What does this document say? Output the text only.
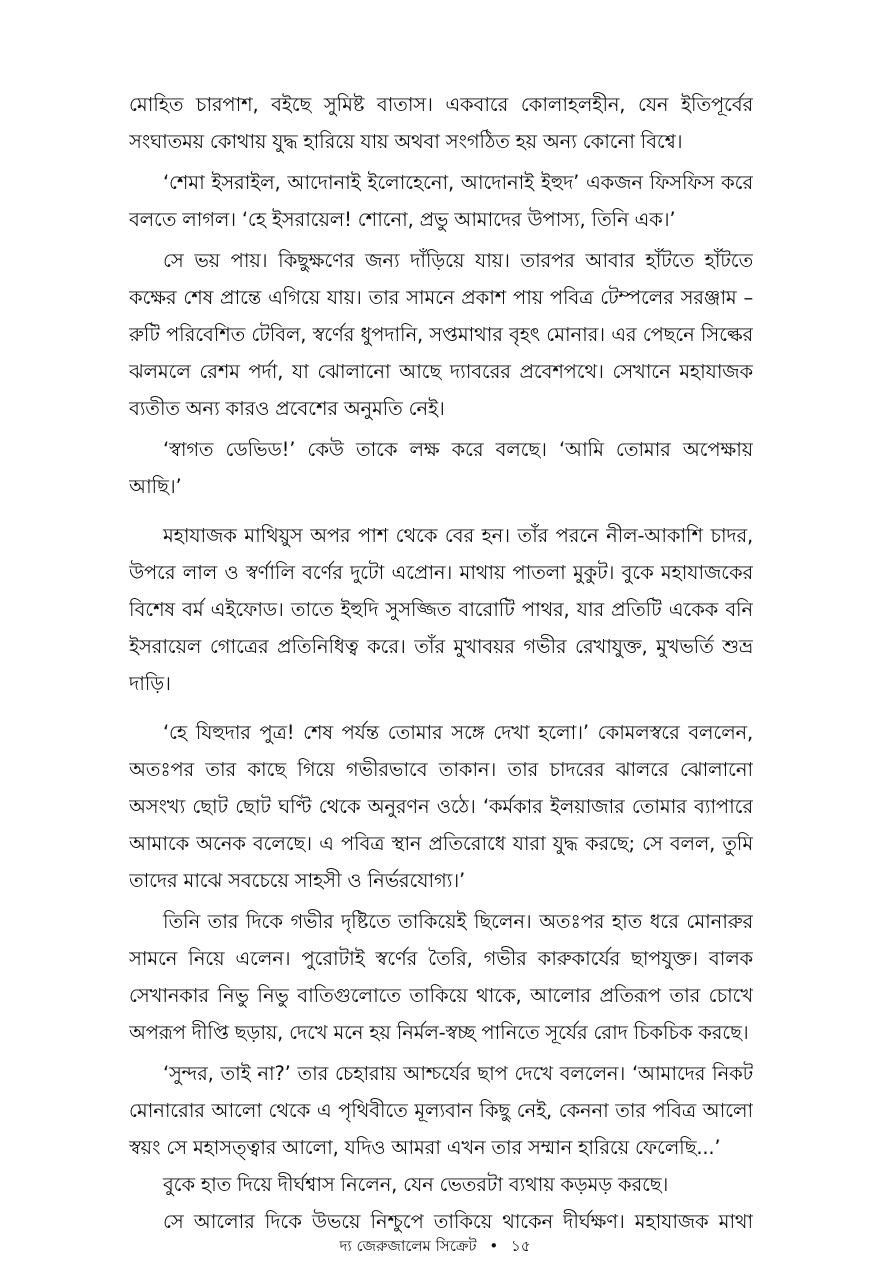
মোহিত চারপাশ, বইছে সুমিষ্ট বাতাস। একবারে কোলাহলহীন, যেন ইতিপূর্বের সংঘাতময় কোথায় যুদ্ধ হারিয়ে যায় অথবা সংগঠিত হয় অন্য কোনো বিশ্বে।

‘শেমা ইসরাইল, আদোনাই ইলোহেনো, আদোনাই ইহুদ’ একজন ফিসফিস করে বলতে লাগল। ‘হে ইসরায়েল! শোনো, প্রভু আমাদের উপাস্য, তিনি এক।’

সে ভয় পায়। কিছুক্ষণের জন্য দাঁড়িয়ে যায়। তারপর আবার হাঁটতে হাঁটতে কক্ষের শেষ প্রান্তে এগিয়ে যায়। তার সামনে প্রকাশ পায় পবিত্র টেম্পলের সরঞ্জাম – রুটি পরিবেশিত টেবিল, স্বর্ণের ধুপদানি, সপ্তমাথার বৃহৎ মোনার। এর পেছনে সিল্কের ঝলমলে রেশম পর্দা, যা ঝোলানো আছে দ্যাবরের প্রবেশপথে। সেখানে মহাযাজক ব্যতীত অন্য কারও প্রবেশের অনুমতি নেই।

‘স্বাগত ডেভিড!’ কেউ তাকে লক্ষ করে বলছে। ‘আমি তোমার অপেক্ষায় আছি।’

মহাযাজক মাথিয়ুস অপর পাশ থেকে বের হন। তাঁর পরনে নীল-আকাশি চাদর, উপরে লাল ও স্বর্ণালি বর্ণের দুটো এপ্রোন। মাথায় পাতলা মুকুট। বুকে মহাযাজকের বিশেষ বর্ম এইফোড। তাতে ইহুদি সুসজ্জিত বারোটি পাথর, যার প্রতিটি একেক বনি ইসরায়েল গোত্রের প্রতিনিধিত্ব করে। তাঁর মুখাবয়র গভীর রেখাযুক্ত, মুখভর্তি শুভ্র দাড়ি।

‘হে যিহুদার পুত্র! শেষ পর্যন্ত তোমার সঙ্গে দেখা হলো।’ কোমলস্বরে বললেন, অতঃপর তার কাছে গিয়ে গভীরভাবে তাকান। তার চাদরের ঝালরে ঝোলানো অসংখ্য ছোট ছোট ঘণ্টি থেকে অনুরণন ওঠে। ‘কর্মকার ইলয়াজার তোমার ব্যাপারে আমাকে অনেক বলেছে। এ পবিত্র স্থান প্রতিরোধে যারা যুদ্ধ করছে; সে বলল, তুমি তাদের মাঝে সবচেয়ে সাহসী ও নির্ভরযোগ্য।’

তিনি তার দিকে গভীর দৃষ্টিতে তাকিয়েই ছিলেন। অতঃপর হাত ধরে মোনারুর সামনে নিয়ে এলেন। পুরোটাই স্বর্ণের তৈরি, গভীর কারুকার্যের ছাপযুক্ত। বালক সেখানকার নিভু নিভু বাতিগুলোতে তাকিয়ে থাকে, আলোর প্রতিরূপ তার চোখে অপরূপ দীপ্তি ছড়ায়, দেখে মনে হয় নির্মল-স্বচ্ছ পানিতে সূর্যের রোদ চিকচিক করছে।

‘সুন্দর, তাই না?’ তার চেহারায় আশ্চর্যের ছাপ দেখে বললেন। ‘আমাদের নিকট মোনারোর আলো থেকে এ পৃথিবীতে মূল্যবান কিছু নেই, কেননা তার পবিত্র আলো স্বয়ং সে মহাসত্ত্বার আলো, যদিও আমরা এখন তার সম্মান হারিয়ে ফেলেছি...’

বুকে হাত দিয়ে দীর্ঘশ্বাস নিলেন, যেন ভেতরটা ব্যথায় কড়মড় করছে।

সে আলোর দিকে উভয়ে নিশ্চুপে তাকিয়ে থাকেন দীর্ঘক্ষণ। মহাযাজক মাথা

দ্য জেরুজালেম সিক্রেট • ১৫
